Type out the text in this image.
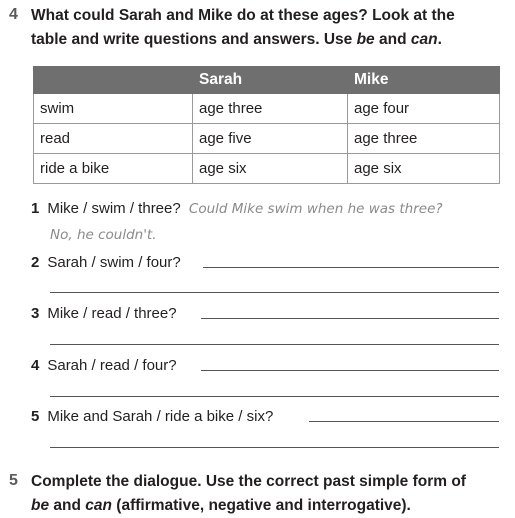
4 What could Sarah and Mike do at these ages? Look at the
table and write questions and answers. Use be and can.
	Sarah	Mike
swim	age three	age four
read	age five	age three
ride a bike	age six	age six
1 Mike / swim / three? Could Mike swim when he was three?
No, he couldn't.
2 Sarah / swim / four?
3 Mike / read / three?
4 Sarah / read / four?
5 Mike and Sarah / ride a bike / six?
5 Complete the dialogue. Use the correct past simple form of
be and can (affirmative, negative and interrogative).
